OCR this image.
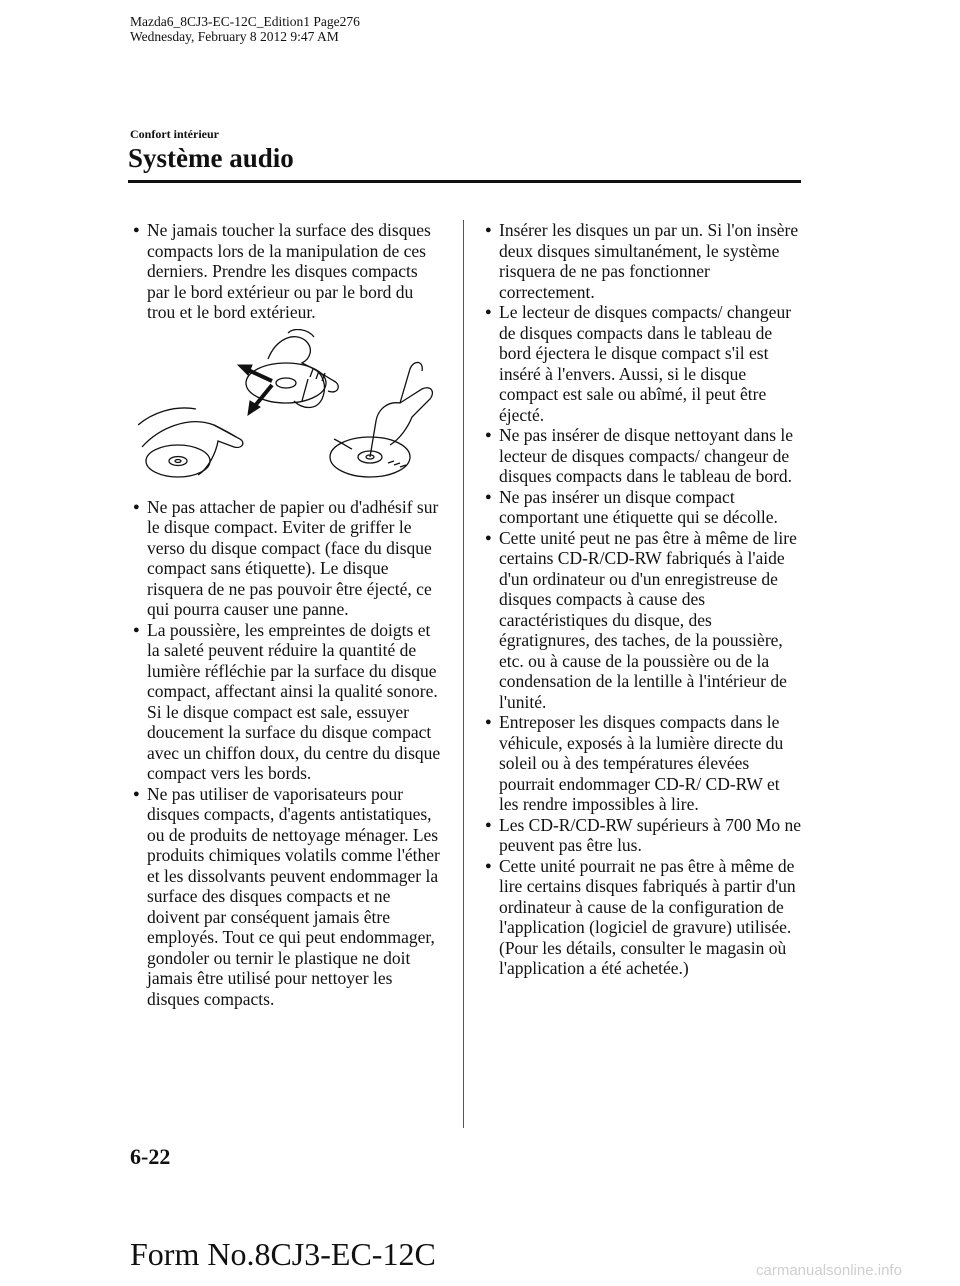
Mazda6_8CJ3-EC-12C_Edition1 Page276
Wednesday, February 8 2012 9:47 AM
Confort intérieur
Système audio
● Ne jamais toucher la surface des disques compacts lors de la manipulation de ces derniers. Prendre les disques compacts par le bord extérieur ou par le bord du trou et le bord extérieur.
● Ne pas attacher de papier ou d'adhésif sur le disque compact. Eviter de griffer le verso du disque compact (face du disque compact sans étiquette). Le disque risquera de ne pas pouvoir être éjecté, ce qui pourra causer une panne.
● La poussière, les empreintes de doigts et la saleté peuvent réduire la quantité de lumière réfléchie par la surface du disque compact, affectant ainsi la qualité sonore. Si le disque compact est sale, essuyer doucement la surface du disque compact avec un chiffon doux, du centre du disque compact vers les bords.
● Ne pas utiliser de vaporisateurs pour disques compacts, d'agents antistatiques, ou de produits de nettoyage ménager. Les produits chimiques volatils comme l'éther et les dissolvants peuvent endommager la surface des disques compacts et ne doivent par conséquent jamais être employés. Tout ce qui peut endommager, gondoler ou ternir le plastique ne doit jamais être utilisé pour nettoyer les disques compacts.
● Insérer les disques un par un. Si l'on insère deux disques simultanément, le système risquera de ne pas fonctionner correctement.
● Le lecteur de disques compacts/ changeur de disques compacts dans le tableau de bord éjectera le disque compact s'il est inséré à l'envers. Aussi, si le disque compact est sale ou abîmé, il peut être éjecté.
● Ne pas insérer de disque nettoyant dans le lecteur de disques compacts/ changeur de disques compacts dans le tableau de bord.
● Ne pas insérer un disque compact comportant une étiquette qui se décolle.
● Cette unité peut ne pas être à même de lire certains CD-R/CD-RW fabriqués à l'aide d'un ordinateur ou d'un enregistreuse de disques compacts à cause des caractéristiques du disque, des égratignures, des taches, de la poussière, etc. ou à cause de la poussière ou de la condensation de la lentille à l'intérieur de l'unité.
● Entreposer les disques compacts dans le véhicule, exposés à la lumière directe du soleil ou à des températures élevées pourrait endommager CD-R/ CD-RW et les rendre impossibles à lire.
● Les CD-R/CD-RW supérieurs à 700 Mo ne peuvent pas être lus.
● Cette unité pourrait ne pas être à même de lire certains disques fabriqués à partir d'un ordinateur à cause de la configuration de l'application (logiciel de gravure) utilisée. (Pour les détails, consulter le magasin où l'application a été achetée.)
6-22
Form No.8CJ3-EC-12C	carmanualsonline.info
